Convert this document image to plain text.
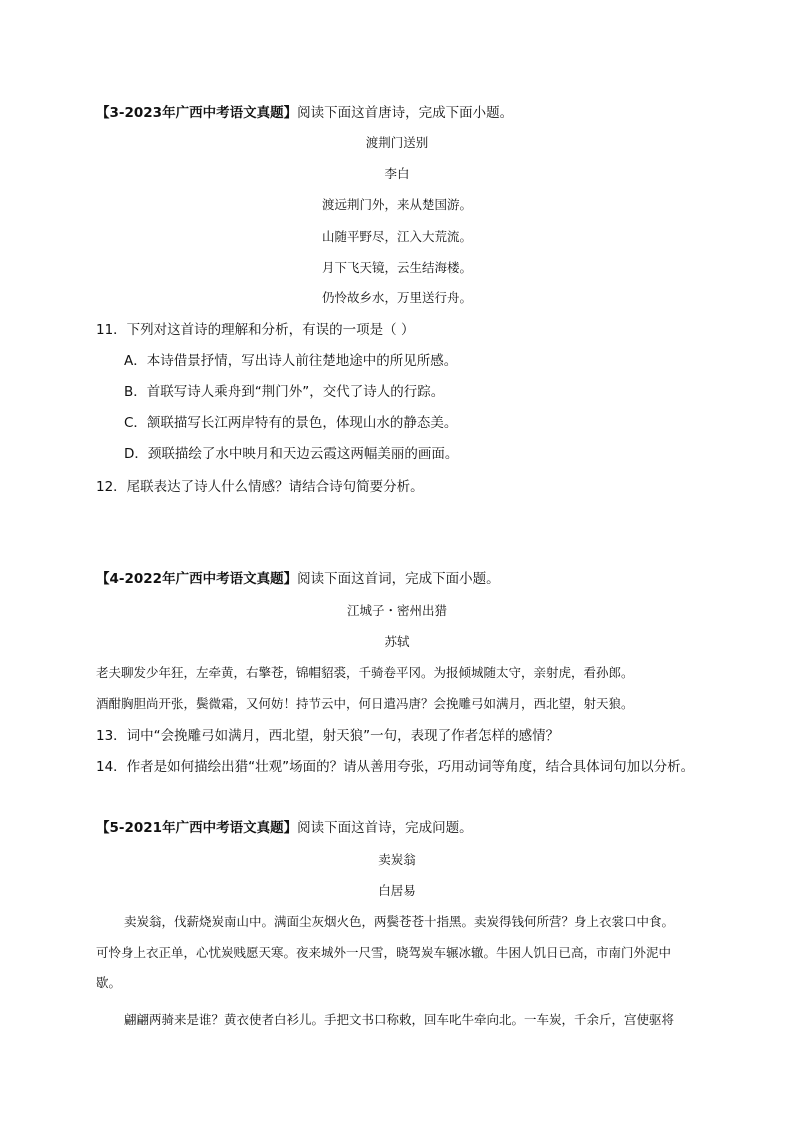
【3-2023年广西中考语文真题】阅读下面这首唐诗，完成下面小题。
渡荆门送别
李白
渡远荆门外，来从楚国游。
山随平野尽，江入大荒流。
月下飞天镜，云生结海楼。
仍怜故乡水，万里送行舟。
11．下列对这首诗的理解和分析，有误的一项是（ ）
A．本诗借景抒情，写出诗人前往楚地途中的所见所感。
B．首联写诗人乘舟到“荆门外”，交代了诗人的行踪。
C．颔联描写长江两岸特有的景色，体现山水的静态美。
D．颈联描绘了水中映月和天边云霞这两幅美丽的画面。
12．尾联表达了诗人什么情感？请结合诗句简要分析。
【4-2022年广西中考语文真题】阅读下面这首词，完成下面小题。
江城子・密州出猎
苏轼
老夫聊发少年狂，左牵黄，右擎苍，锦帽貂裘，千骑卷平冈。为报倾城随太守，亲射虎，看孙郎。
酒酣胸胆尚开张，鬓微霜，又何妨！持节云中，何日遣冯唐？会挽雕弓如满月，西北望，射天狼。
13．词中“会挽雕弓如满月，西北望，射天狼”一句，表现了作者怎样的感情？
14．作者是如何描绘出猎“壮观”场面的？请从善用夸张，巧用动词等角度，结合具体词句加以分析。
【5-2021年广西中考语文真题】阅读下面这首诗，完成问题。
卖炭翁
白居易
卖炭翁，伐薪烧炭南山中。满面尘灰烟火色，两鬓苍苍十指黑。卖炭得钱何所营？身上衣裳口中食。
可怜身上衣正单，心忧炭贱愿天寒。夜来城外一尺雪，晓驾炭车辗冰辙。牛困人饥日已高，市南门外泥中
歇。
翩翩两骑来是谁？黄衣使者白衫儿。手把文书口称敕，回车叱牛牵向北。一车炭，千余斤，宫使驱将
